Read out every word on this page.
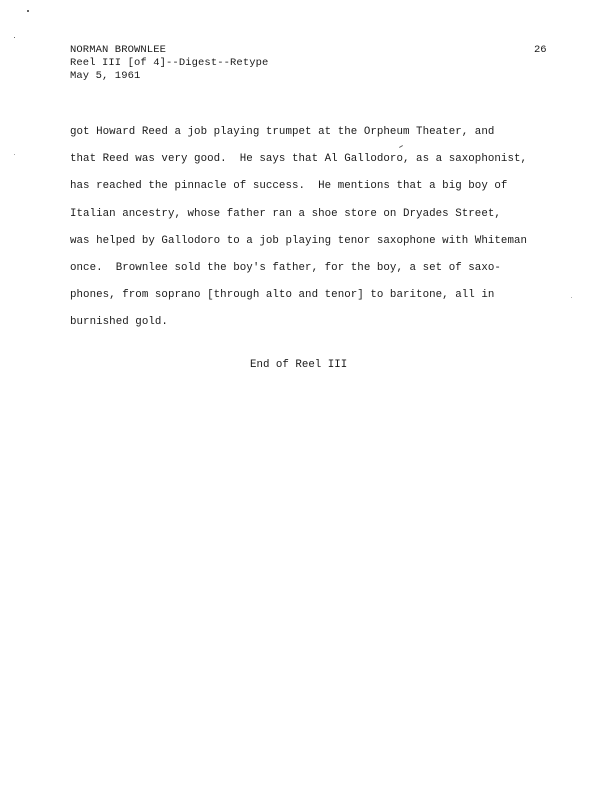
NORMAN BROWNLEE
Reel III [of 4]--Digest--Retype
May 5, 1961
26
got Howard Reed a job playing trumpet at the Orpheum Theater, and
that Reed was very good.  He says that Al Gallodoro, as a saxophonist,
has reached the pinnacle of success.  He mentions that a big boy of
Italian ancestry, whose father ran a shoe store on Dryades Street,
was helped by Gallodoro to a job playing tenor saxophone with Whiteman
once.  Brownlee sold the boy's father, for the boy, a set of saxo-
phones, from soprano [through alto and tenor] to baritone, all in
burnished gold.
End of Reel III
